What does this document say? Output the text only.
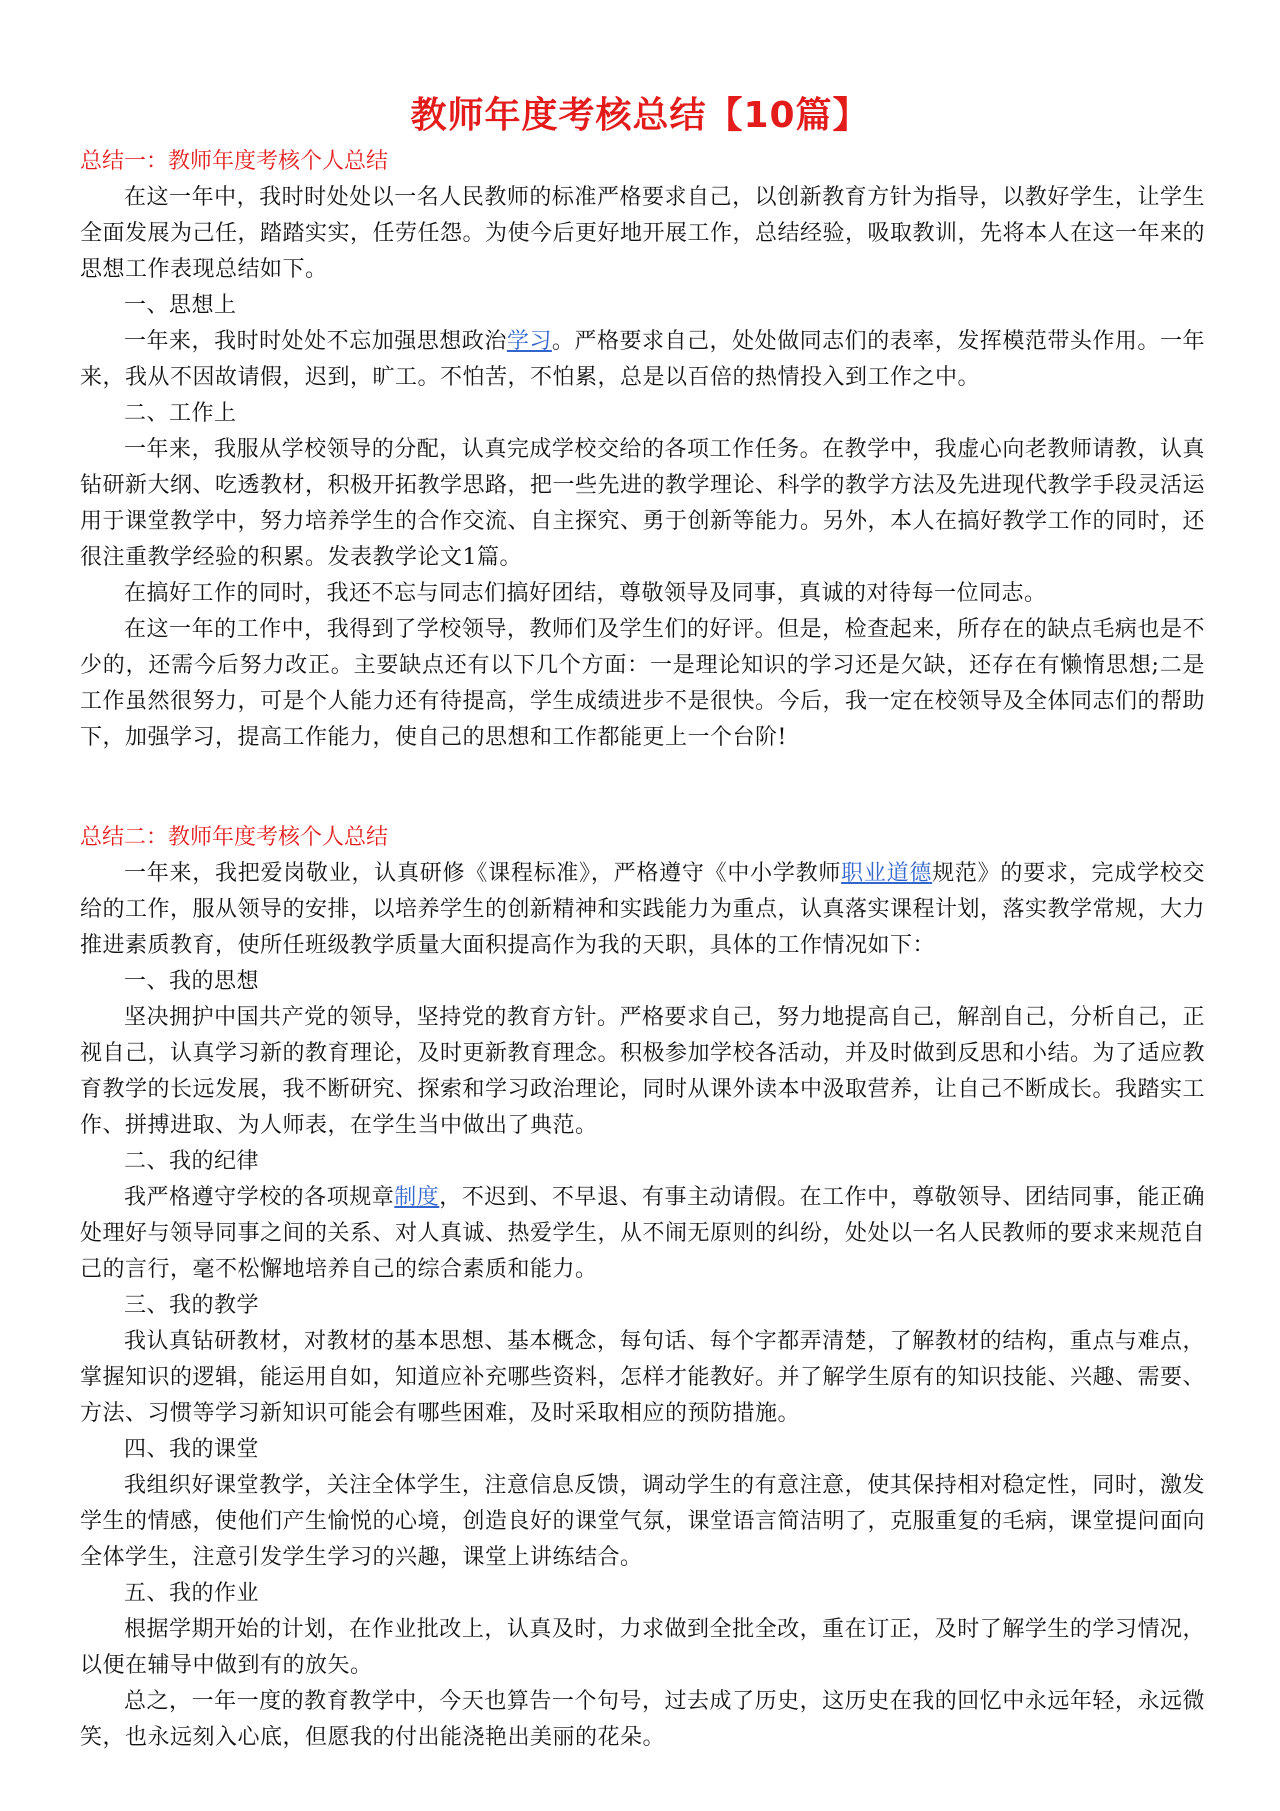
教师年度考核总结【10篇】
总结一：教师年度考核个人总结

在这一年中，我时时处处以一名人民教师的标准严格要求自己，以创新教育方针为指导，以教好学生，让学生全面发展为己任，踏踏实实，任劳任怨。为使今后更好地开展工作，总结经验，吸取教训，先将本人在这一年来的思想工作表现总结如下。

一、思想上

一年来，我时时处处不忘加强思想政治学习。严格要求自己，处处做同志们的表率，发挥模范带头作用。一年来，我从不因故请假，迟到，旷工。不怕苦，不怕累，总是以百倍的热情投入到工作之中。

二、工作上

一年来，我服从学校领导的分配，认真完成学校交给的各项工作任务。在教学中，我虚心向老教师请教，认真钻研新大纲、吃透教材，积极开拓教学思路，把一些先进的教学理论、科学的教学方法及先进现代教学手段灵活运用于课堂教学中，努力培养学生的合作交流、自主探究、勇于创新等能力。另外，本人在搞好教学工作的同时，还很注重教学经验的积累。发表教学论文1篇。

在搞好工作的同时，我还不忘与同志们搞好团结，尊敬领导及同事，真诚的对待每一位同志。

在这一年的工作中，我得到了学校领导，教师们及学生们的好评。但是，检查起来，所存在的缺点毛病也是不少的，还需今后努力改正。主要缺点还有以下几个方面：一是理论知识的学习还是欠缺，还存在有懒惰思想;二是工作虽然很努力，可是个人能力还有待提高，学生成绩进步不是很快。今后，我一定在校领导及全体同志们的帮助下，加强学习，提高工作能力，使自己的思想和工作都能更上一个台阶!

总结二：教师年度考核个人总结

一年来，我把爱岗敬业，认真研修《课程标准》，严格遵守《中小学教师职业道德规范》的要求，完成学校交给的工作，服从领导的安排，以培养学生的创新精神和实践能力为重点，认真落实课程计划，落实教学常规，大力推进素质教育，使所任班级教学质量大面积提高作为我的天职，具体的工作情况如下：

一、我的思想

坚决拥护中国共产党的领导，坚持党的教育方针。严格要求自己，努力地提高自己，解剖自己，分析自己，正视自己，认真学习新的教育理论，及时更新教育理念。积极参加学校各活动，并及时做到反思和小结。为了适应教育教学的长远发展，我不断研究、探索和学习政治理论，同时从课外读本中汲取营养，让自己不断成长。我踏实工作、拼搏进取、为人师表，在学生当中做出了典范。

二、我的纪律

我严格遵守学校的各项规章制度，不迟到、不早退、有事主动请假。在工作中，尊敬领导、团结同事，能正确处理好与领导同事之间的关系、对人真诚、热爱学生，从不闹无原则的纠纷，处处以一名人民教师的要求来规范自己的言行，毫不松懈地培养自己的综合素质和能力。

三、我的教学

我认真钻研教材，对教材的基本思想、基本概念，每句话、每个字都弄清楚，了解教材的结构，重点与难点，掌握知识的逻辑，能运用自如，知道应补充哪些资料，怎样才能教好。并了解学生原有的知识技能、兴趣、需要、方法、习惯等学习新知识可能会有哪些困难，及时采取相应的预防措施。

四、我的课堂

我组织好课堂教学，关注全体学生，注意信息反馈，调动学生的有意注意，使其保持相对稳定性，同时，激发学生的情感，使他们产生愉悦的心境，创造良好的课堂气氛，课堂语言简洁明了，克服重复的毛病，课堂提问面向全体学生，注意引发学生学习的兴趣，课堂上讲练结合。

五、我的作业

根据学期开始的计划，在作业批改上，认真及时，力求做到全批全改，重在订正，及时了解学生的学习情况，以便在辅导中做到有的放矢。

总之，一年一度的教育教学中，今天也算告一个句号，过去成了历史，这历史在我的回忆中永远年轻，永远微笑，也永远刻入心底，但愿我的付出能浇艳出美丽的花朵。
